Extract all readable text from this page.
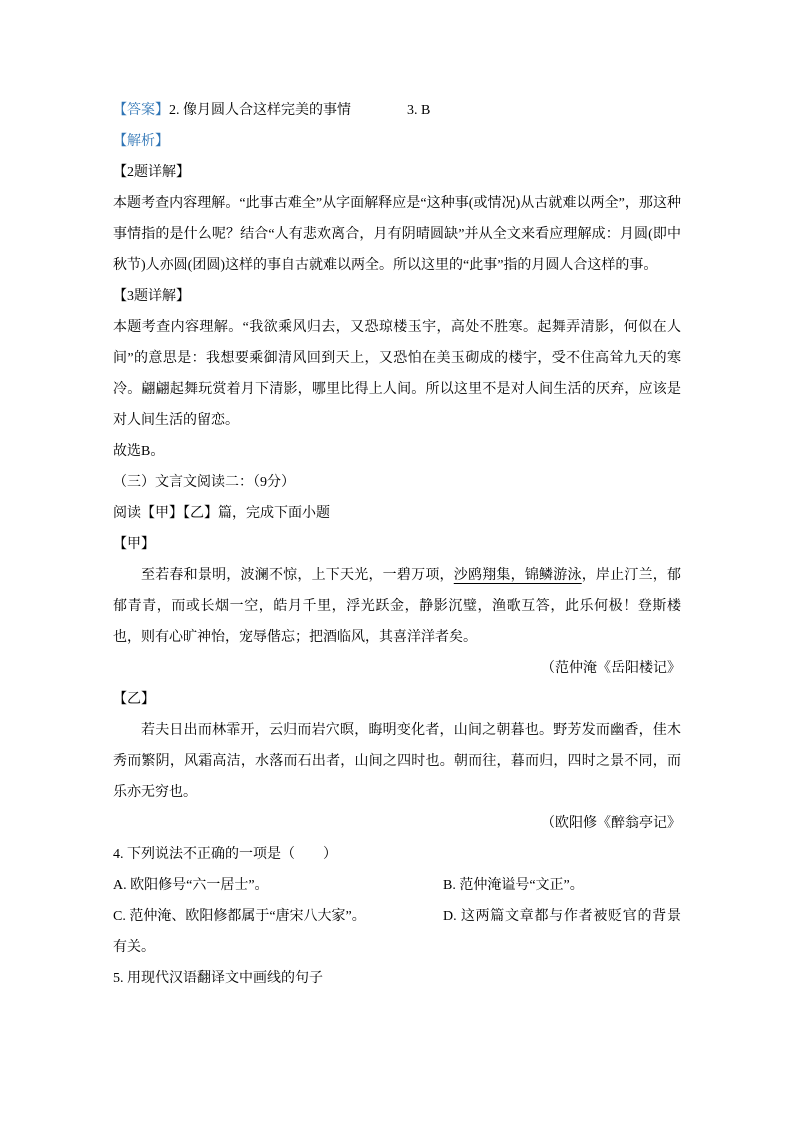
【答案】2. 像月圆人合这样完美的事情	3. B

【解析】

【2题详解】

本题考查内容理解。“此事古难全”从字面解释应是“这种事(或情况)从古就难以两全”，那这种事情指的是什么呢？结合“人有悲欢离合，月有阴晴圆缺”并从全文来看应理解成：月圆(即中秋节)人亦圆(团圆)这样的事自古就难以两全。所以这里的“此事”指的月圆人合这样的事。

【3题详解】

本题考查内容理解。“我欲乘风归去，又恐琼楼玉宇，高处不胜寒。起舞弄清影，何似在人间”的意思是：我想要乘御清风回到天上，又恐怕在美玉砌成的楼宇，受不住高耸九天的寒冷。翩翩起舞玩赏着月下清影，哪里比得上人间。所以这里不是对人间生活的厌弃，应该是对人间生活的留恋。

故选B。

（三）文言文阅读二：（9分）

阅读【甲】【乙】篇，完成下面小题

【甲】

至若春和景明，波澜不惊，上下天光，一碧万项，沙鸥翔集，锦鳞游泳，岸止汀兰，郁郁青青，而或长烟一空，皓月千里，浮光跃金，静影沉璧，渔歌互答，此乐何极！登斯楼也，则有心旷神怡，宠辱偕忘；把酒临风，其喜洋洋者矣。

（范仲淹《岳阳楼记》

【乙】

若夫日出而林霏开，云归而岩穴暝，晦明变化者，山间之朝暮也。野芳发而幽香，佳木秀而繁阴，风霜高洁，水落而石出者，山间之四时也。朝而往，暮而归，四时之景不同，而乐亦无穷也。

（欧阳修《醉翁亭记》

4. 下列说法不正确的一项是（　　）

A. 欧阳修号“六一居士”。	B. 范仲淹谥号“文正”。

C. 范仲淹、欧阳修都属于“唐宋八大家”。	D. 这两篇文章都与作者被贬官的背景有关。

5. 用现代汉语翻译文中画线的句子
